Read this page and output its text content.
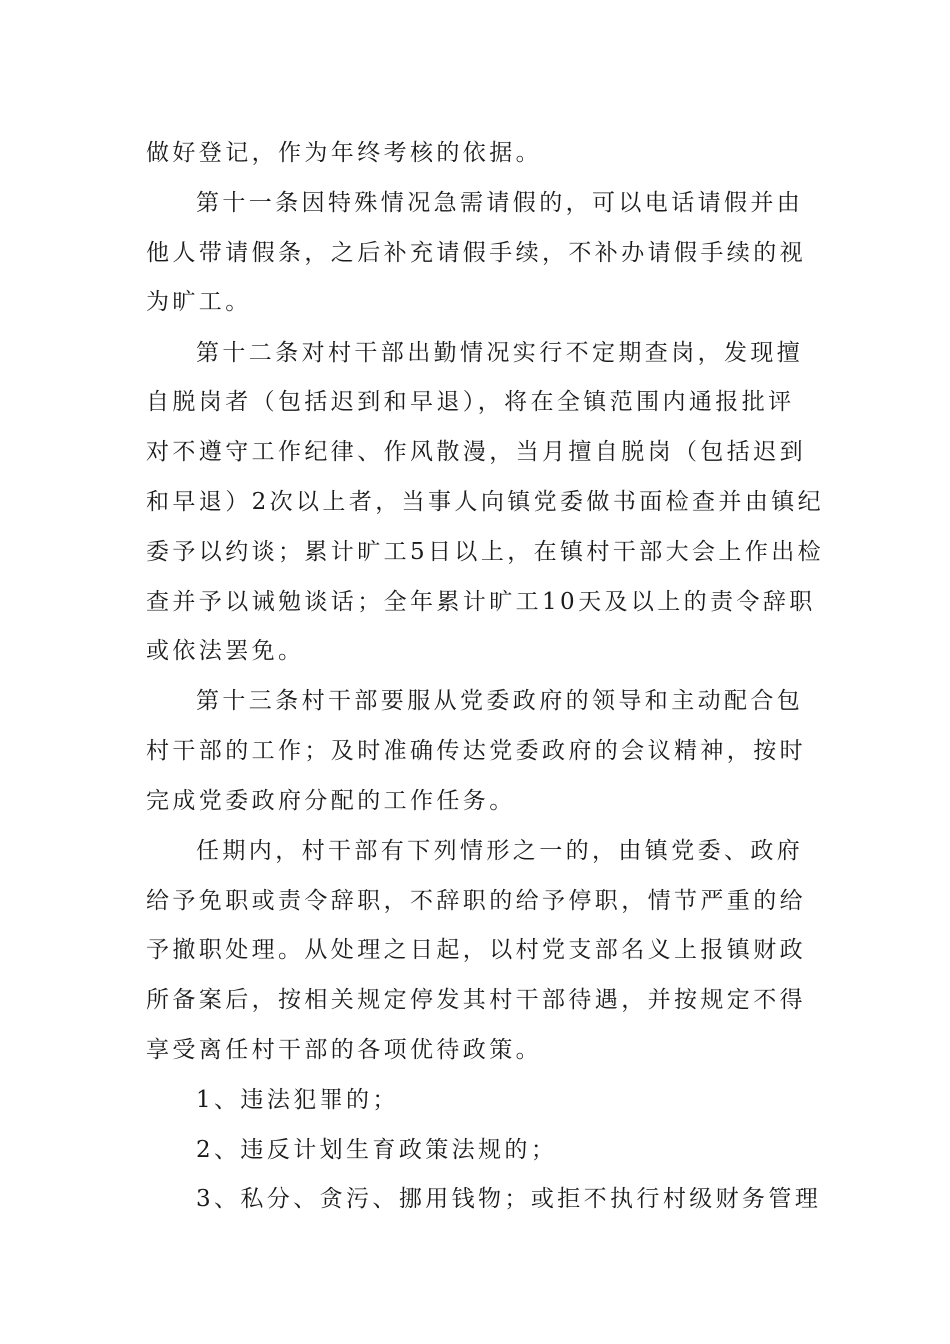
做好登记，作为年终考核的依据。
第十一条因特殊情况急需请假的，可以电话请假并由
他人带请假条，之后补充请假手续，不补办请假手续的视
为旷工。
第十二条对村干部出勤情况实行不定期查岗，发现擅
自脱岗者（包括迟到和早退），将在全镇范围内通报批评
对不遵守工作纪律、作风散漫，当月擅自脱岗（包括迟到
和早退）2次以上者，当事人向镇党委做书面检查并由镇纪
委予以约谈；累计旷工5日以上，在镇村干部大会上作出检
查并予以诫勉谈话；全年累计旷工10天及以上的责令辞职
或依法罢免。
第十三条村干部要服从党委政府的领导和主动配合包
村干部的工作；及时准确传达党委政府的会议精神，按时
完成党委政府分配的工作任务。
任期内，村干部有下列情形之一的，由镇党委、政府
给予免职或责令辞职，不辞职的给予停职，情节严重的给
予撤职处理。从处理之日起，以村党支部名义上报镇财政
所备案后，按相关规定停发其村干部待遇，并按规定不得
享受离任村干部的各项优待政策。
1、违法犯罪的；
2、违反计划生育政策法规的；
3、私分、贪污、挪用钱物；或拒不执行村级财务管理
